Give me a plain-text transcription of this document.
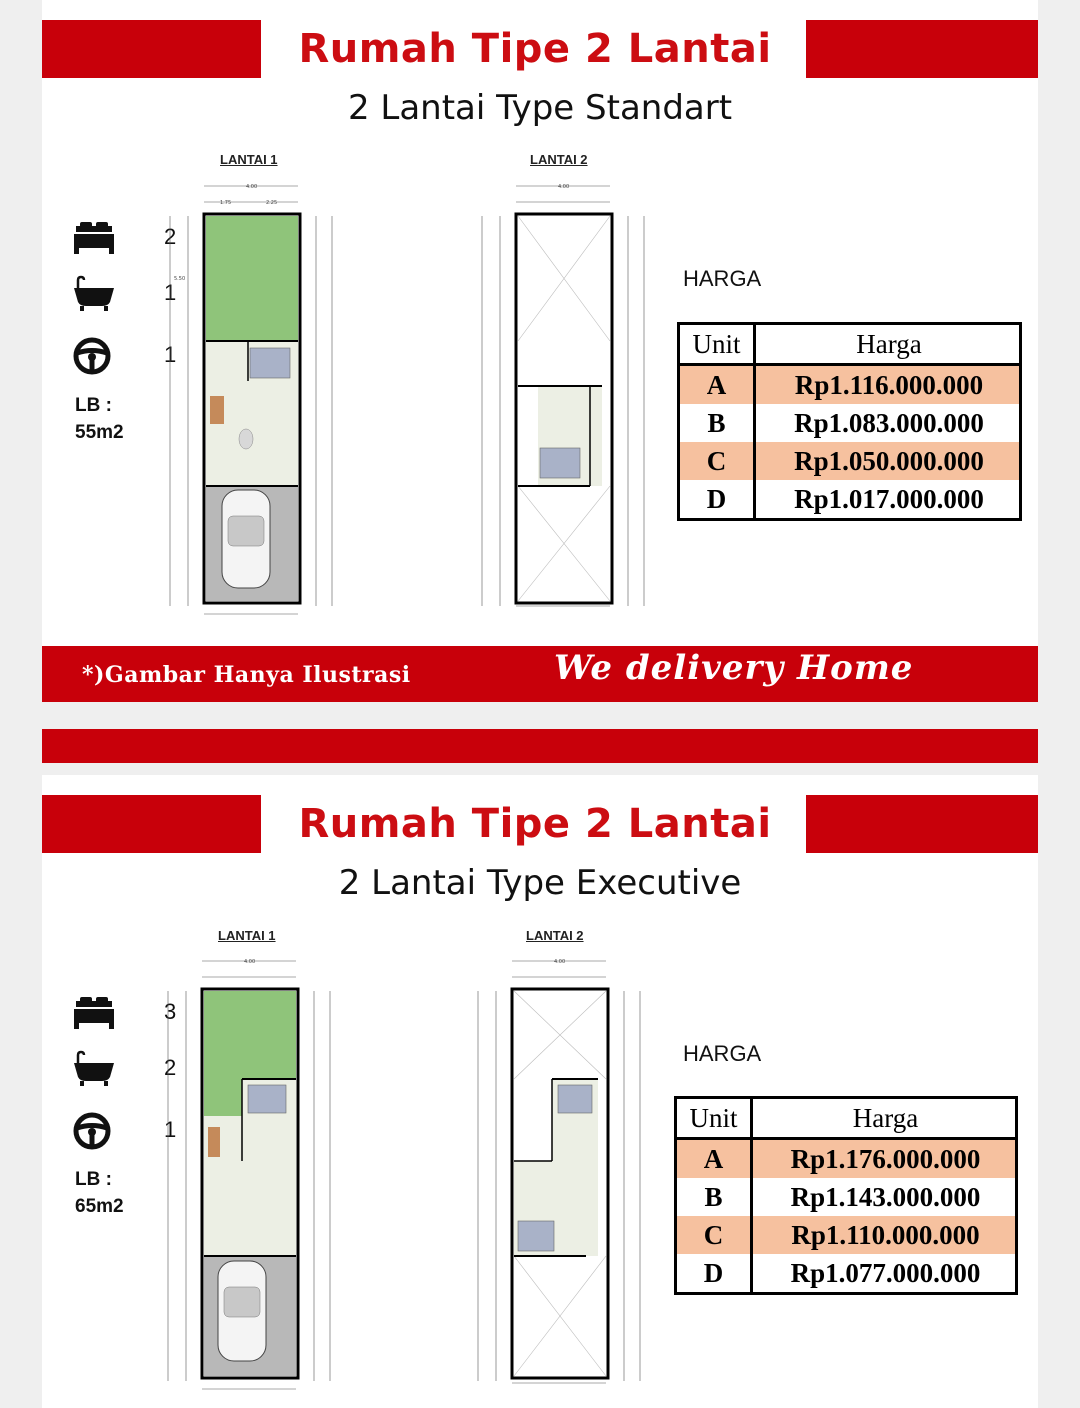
Rumah Tipe 2 Lantai
2 Lantai Type Standart
LANTAI 1	LANTAI 2
2
1
1
LB :
55m2
4.00
1.75	2.25
5.50
4.00
HARGA
Unit	Harga
A	Rp1.116.000.000
B	Rp1.083.000.000
C	Rp1.050.000.000
D	Rp1.017.000.000
*)Gambar Hanya Ilustrasi	We delivery Home
Rumah Tipe 2 Lantai
2 Lantai Type Executive
LANTAI 1	LANTAI 2
3
2
1
LB :
65m2
4.00	4.00
HARGA
Unit	Harga
A	Rp1.176.000.000
B	Rp1.143.000.000
C	Rp1.110.000.000
D	Rp1.077.000.000
